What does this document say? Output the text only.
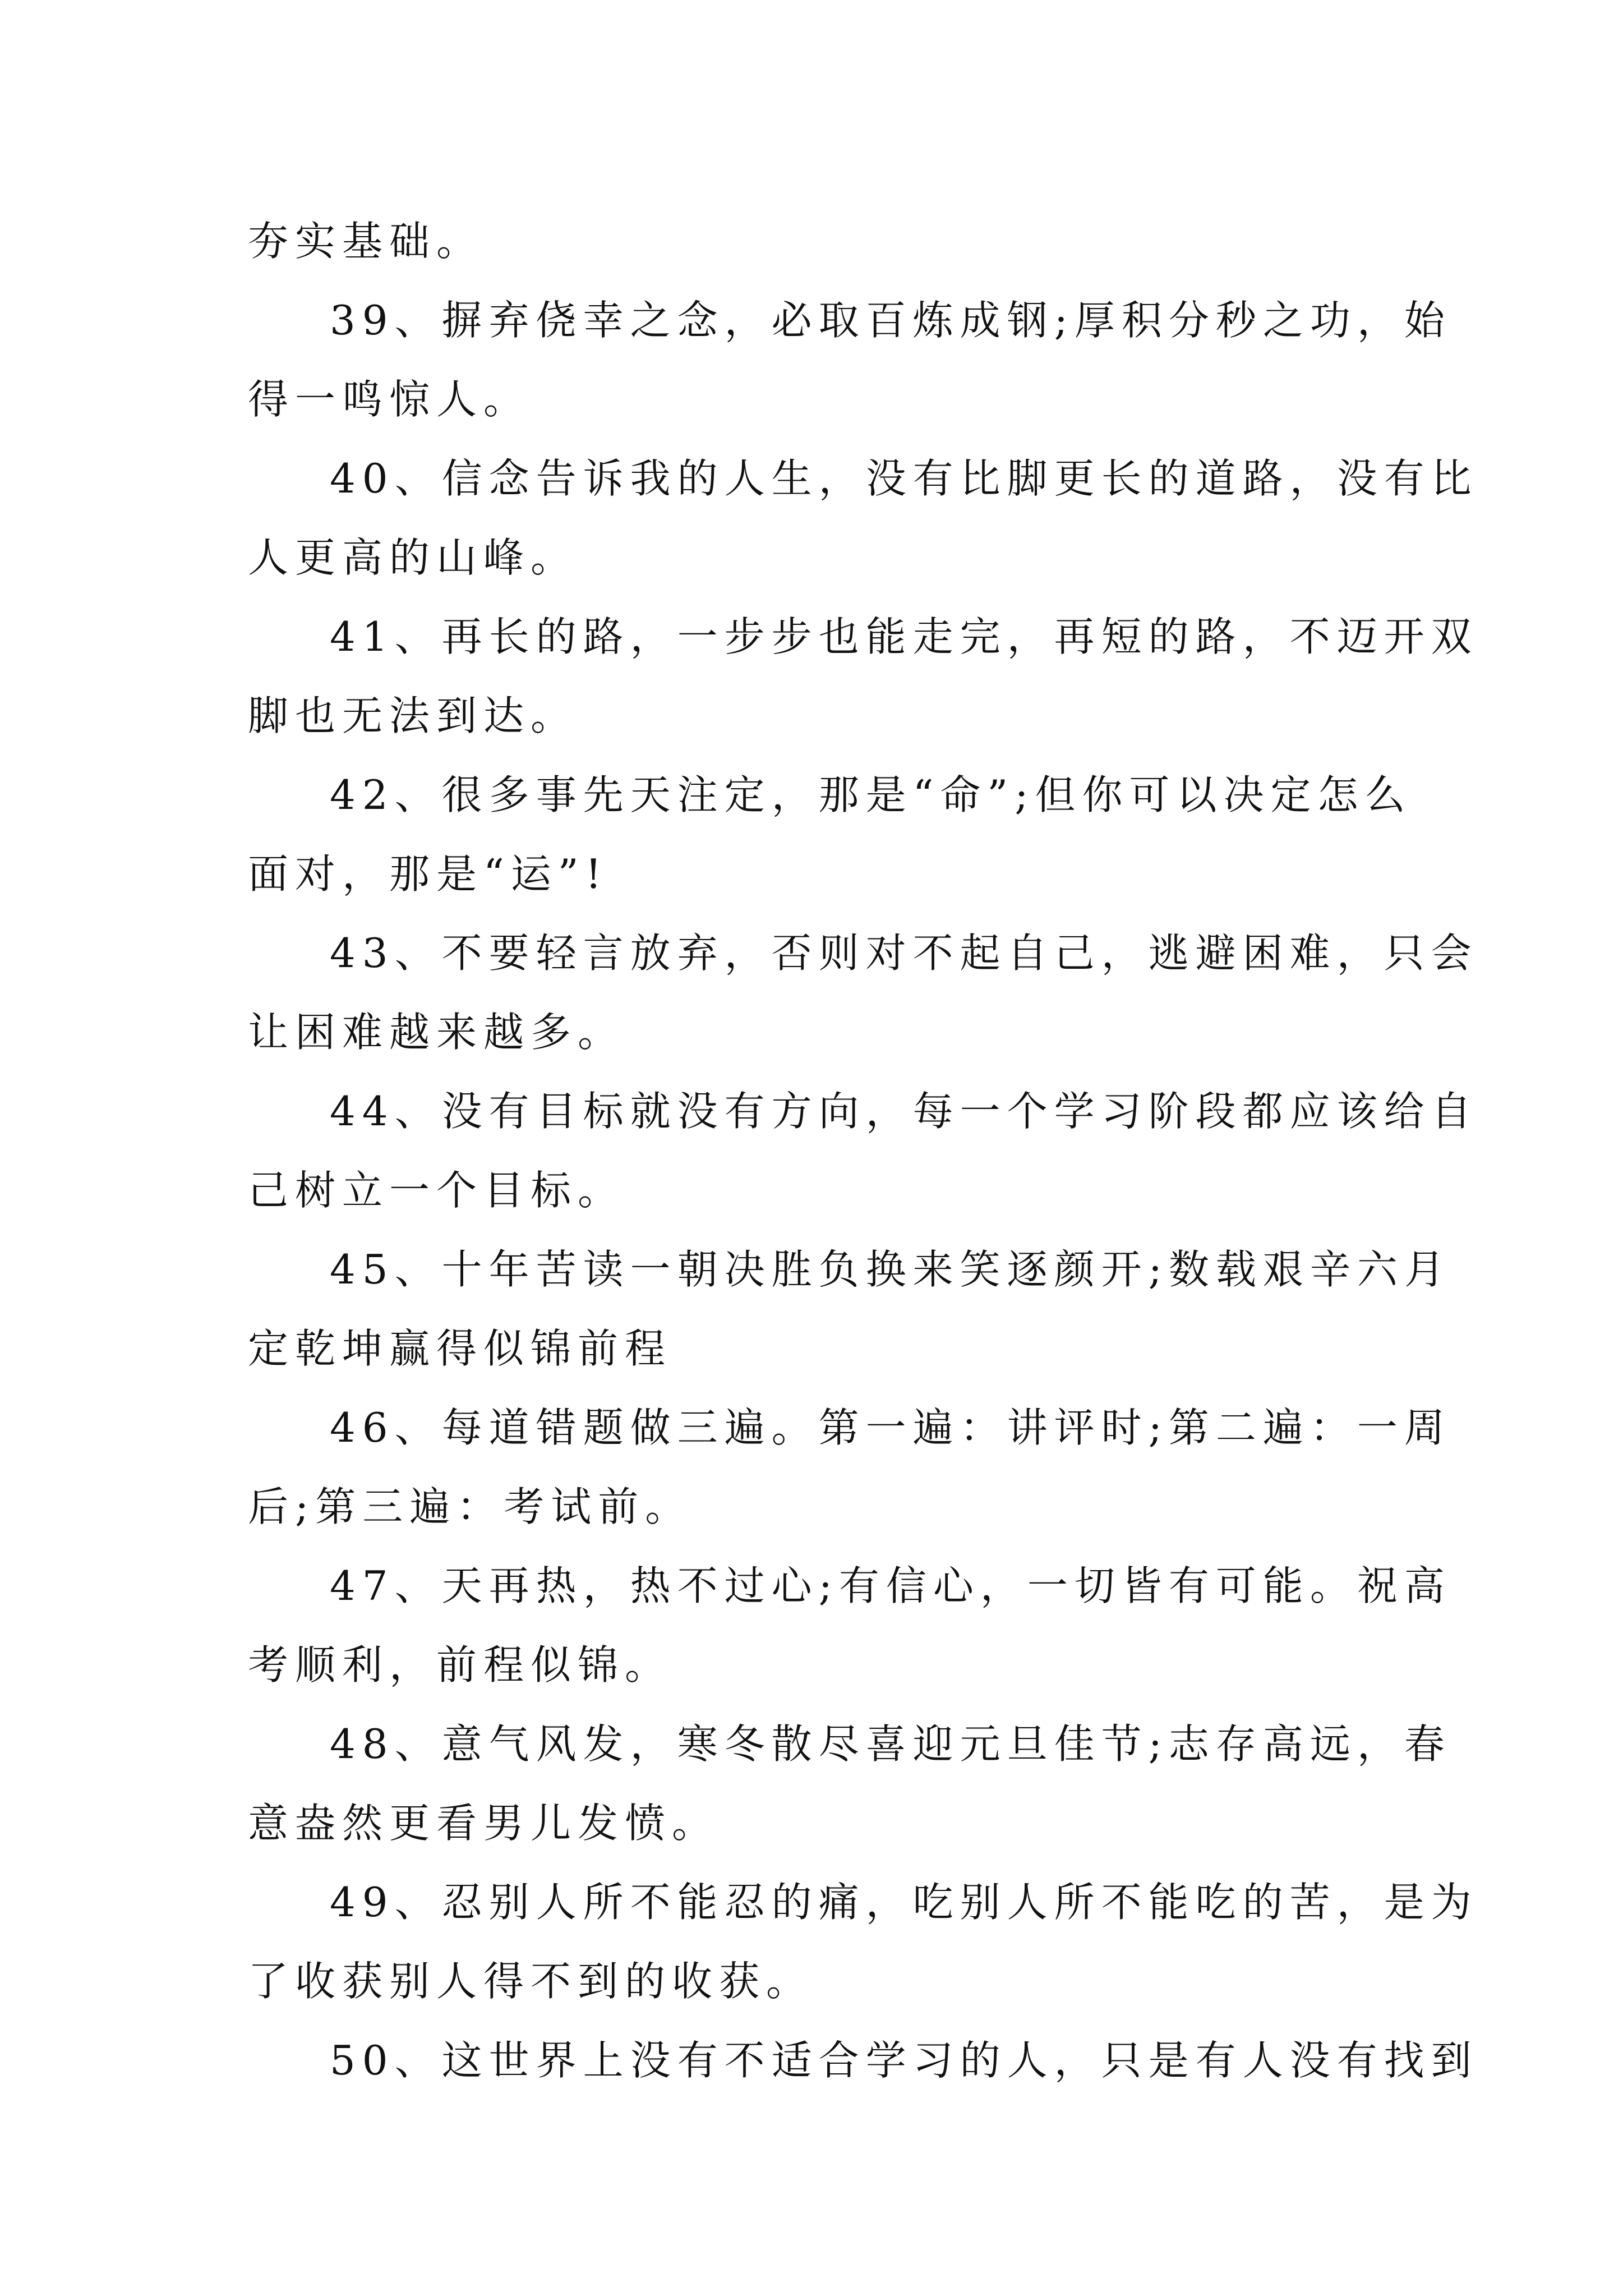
夯实基础。
39、摒弃侥幸之念，必取百炼成钢;厚积分秒之功，始
得一鸣惊人。
40、信念告诉我的人生，没有比脚更长的道路，没有比
人更高的山峰。
41、再长的路，一步步也能走完，再短的路，不迈开双
脚也无法到达。
42、很多事先天注定，那是“命”;但你可以决定怎么
面对，那是“运”!
43、不要轻言放弃，否则对不起自己，逃避困难，只会
让困难越来越多。
44、没有目标就没有方向，每一个学习阶段都应该给自
己树立一个目标。
45、十年苦读一朝决胜负换来笑逐颜开;数载艰辛六月
定乾坤赢得似锦前程
46、每道错题做三遍。第一遍：讲评时;第二遍：一周
后;第三遍：考试前。
47、天再热，热不过心;有信心，一切皆有可能。祝高
考顺利，前程似锦。
48、意气风发，寒冬散尽喜迎元旦佳节;志存高远，春
意盎然更看男儿发愤。
49、忍别人所不能忍的痛，吃别人所不能吃的苦，是为
了收获别人得不到的收获。
50、这世界上没有不适合学习的人，只是有人没有找到
